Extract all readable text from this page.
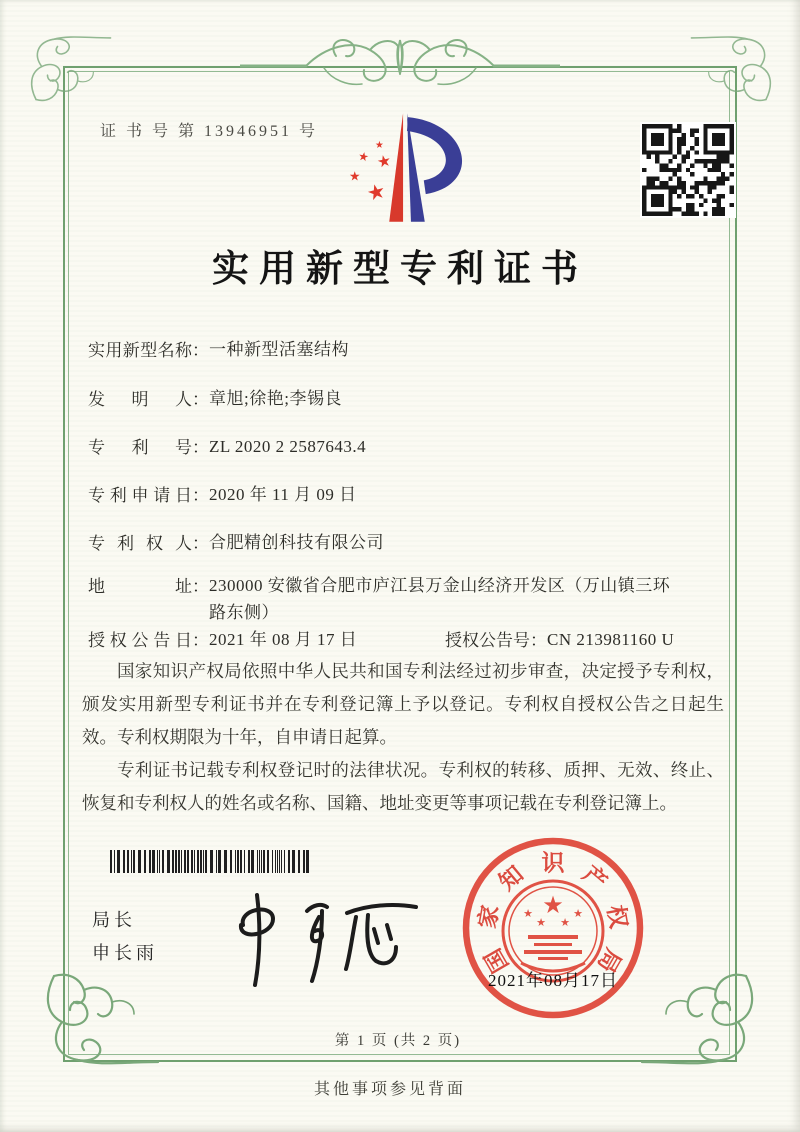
证 书 号 第 13946951 号
★
★
★
★
★
实用新型专利证书
实用新型名称：一种新型活塞结构
发明人：章旭;徐艳;李锡良
专利号：ZL 2020 2 2587643.4
专利申请日：2020 年 11 月 09 日
专利权人：合肥精创科技有限公司
地址：230000 安徽省合肥市庐江县万金山经济开发区（万山镇三环路东侧）
授权公告日：2021 年 08 月 17 日	授权公告号：CN 213981160 U

国家知识产权局依照中华人民共和国专利法经过初步审查，决定授予专利权，颁发实用新型专利证书并在专利登记簿上予以登记。专利权自授权公告之日起生效。专利权期限为十年，自申请日起算。

专利证书记载专利权登记时的法律状况。专利权的转移、质押、无效、终止、恢复和专利权人的姓名或名称、国籍、地址变更等事项记载在专利登记簿上。

局长
申长雨
★
★
★ ★
★
国
家
知 识 产
权
局
2021年08月17日
第 1 页 (共 2 页)
其他事项参见背面
